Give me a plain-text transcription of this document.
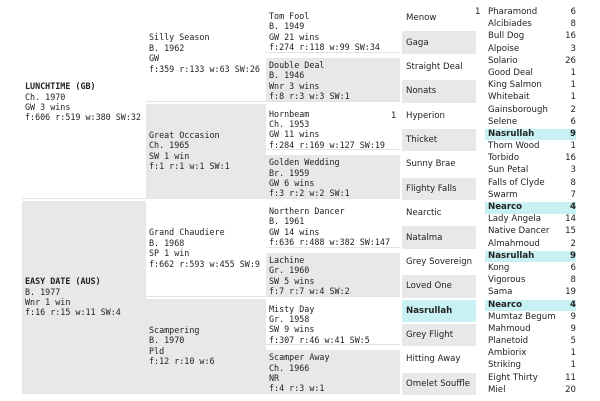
LUNCHTIME (GB)
Ch. 1970
GW 3 wins
f:606 r:519 w:380 SW:32
EASY DATE (AUS)
B. 1977
Wnr 1 win
f:16 r:15 w:11 SW:4
Silly Season
B. 1962
GW
f:359 r:133 w:63 SW:26
Great Occasion
Ch. 1965
SW 1 win
f:1 r:1 w:1 SW:1
Grand Chaudiere
B. 1968
SP 1 win
f:662 r:593 w:455 SW:9
Scampering
B. 1970
Pld
f:12 r:10 w:6
Tom Fool
B. 1949
GW 21 wins
f:274 r:118 w:99 SW:34
Double Deal
B. 1946
Wnr 3 wins
f:8 r:3 w:3 SW:1
Hornbeam
Ch. 1953
GW 11 wins
f:284 r:169 w:127 SW:19
Golden Wedding
Br. 1959
GW 6 wins
f:3 r:2 w:2 SW:1
Northern Dancer
B. 1961
GW 14 wins
f:636 r:488 w:382 SW:147
Lachine
Gr. 1960
SW 5 wins
f:7 r:7 w:4 SW:2
Misty Day
Gr. 1958
SW 9 wins
f:307 r:46 w:41 SW:5
Scamper Away
Ch. 1966
NR
f:4 r:3 w:1
Menow
Gaga
Straight Deal
Nonats
1 Hyperion
Thicket
Sunny Brae
Flighty Falls
Nearctic
Natalma
Grey Sovereign
Loved One
Nasrullah
Grey Flight
Hitting Away
Omelet Souffle
1 Pharamond	6
Alcibiades	8
Bull Dog	16
Alpoise	3
Solario	26
Good Deal	1
King Salmon	1
Whitebait	1
Gainsborough	2
Selene	6
Nasrullah	9
Thorn Wood	1
Torbido	16
Sun Petal	3
Falls of Clyde	8
Swarm	7
Nearco	4
Lady Angela	14
Native Dancer 15
Almahmoud	2
Nasrullah	9
Kong	6
Vigorous	8
Sama	19
Nearco	4
Mumtaz Begum 9
Mahmoud	9
Planetoid	5
Ambiorix	1
Striking	1
Eight Thirty	11
Miel	20
